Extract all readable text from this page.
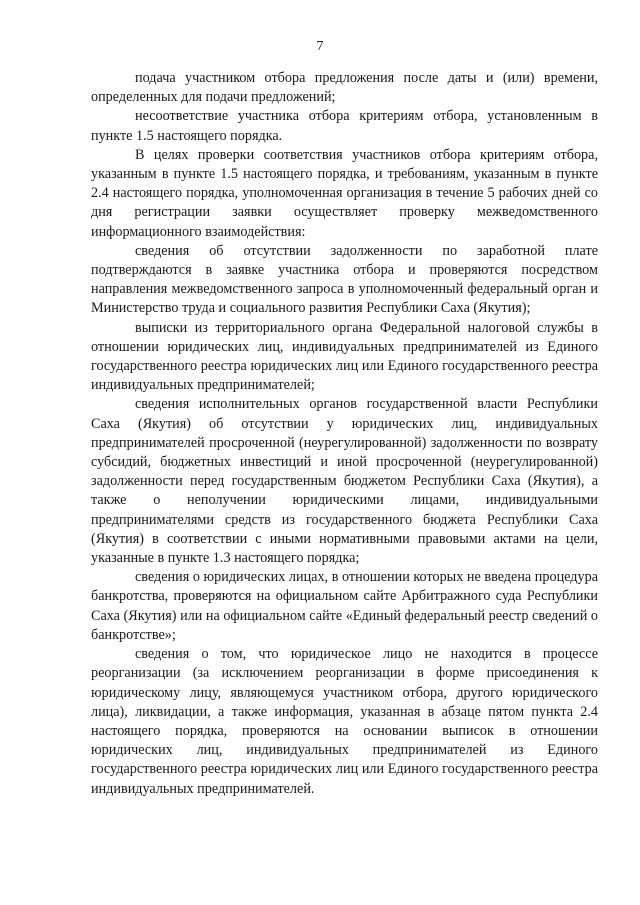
7

подача участником отбора предложения после даты и (или) времени, определенных для подачи предложений;

несоответствие участника отбора критериям отбора, установленным в пункте 1.5 настоящего порядка.

В целях проверки соответствия участников отбора критериям отбора, указанным в пункте 1.5 настоящего порядка, и требованиям, указанным в пункте 2.4 настоящего порядка, уполномоченная организация в течение 5 рабочих дней со дня регистрации заявки осуществляет проверку межведомственного информационного взаимодействия:

сведения об отсутствии задолженности по заработной плате подтверждаются в заявке участника отбора и проверяются посредством направления межведомственного запроса в уполномоченный федеральный орган и Министерство труда и социального развития Республики Саха (Якутия);

выписки из территориального органа Федеральной налоговой службы в отношении юридических лиц, индивидуальных предпринимателей из Единого государственного реестра юридических лиц или Единого государственного реестра индивидуальных предпринимателей;

сведения исполнительных органов государственной власти Республики Саха (Якутия) об отсутствии у юридических лиц, индивидуальных предпринимателей просроченной (неурегулированной) задолженности по возврату субсидий, бюджетных инвестиций и иной просроченной (неурегулированной) задолженности перед государственным бюджетом Республики Саха (Якутия), а также о неполучении юридическими лицами, индивидуальными предпринимателями средств из государственного бюджета Республики Саха (Якутия) в соответствии с иными нормативными правовыми актами на цели, указанные в пункте 1.3 настоящего порядка;

сведения о юридических лицах, в отношении которых не введена процедура банкротства, проверяются на официальном сайте Арбитражного суда Республики Саха (Якутия) или на официальном сайте «Единый федеральный реестр сведений о банкротстве»;

сведения о том, что юридическое лицо не находится в процессе реорганизации (за исключением реорганизации в форме присоединения к юридическому лицу, являющемуся участником отбора, другого юридического лица), ликвидации, а также информация, указанная в абзаце пятом пункта 2.4 настоящего порядка, проверяются на основании выписок в отношении юридических лиц, индивидуальных предпринимателей из Единого государственного реестра юридических лиц или Единого государственного реестра индивидуальных предпринимателей.
